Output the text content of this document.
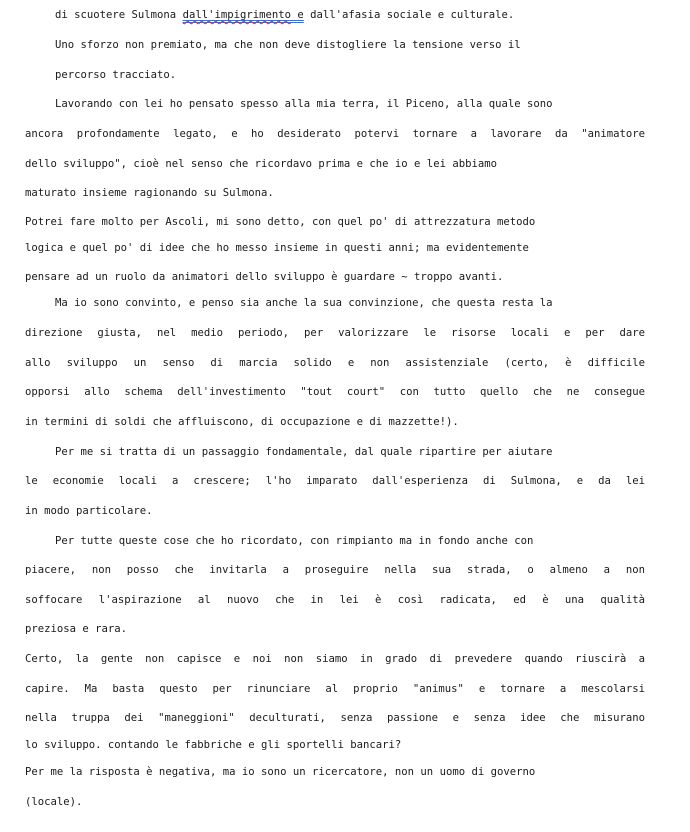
di scuotere Sulmona dall'impigrimento e dall'afasia sociale e culturale.
Uno sforzo non premiato, ma che non deve distogliere la tensione verso il
percorso tracciato.
Lavorando con lei ho pensato spesso alla mia terra, il Piceno, alla quale sono
ancora profondamente legato, e ho desiderato potervi tornare a lavorare da "animatore
dello sviluppo", cioè nel senso che ricordavo prima e che io e lei abbiamo
maturato insieme ragionando su Sulmona.
Potrei fare molto per Ascoli, mi sono detto, con quel po' di attrezzatura metodo
logica e quel po' di idee che ho messo insieme in questi anni; ma evidentemente
pensare ad un ruolo da animatori dello sviluppo è guardare ~ troppo avanti.
Ma io sono convinto, e penso sia anche la sua convinzione, che questa resta la
direzione giusta, nel medio periodo, per valorizzare le risorse locali e per dare
allo sviluppo un senso di marcia solido e non assistenziale (certo, è difficile
opporsi allo schema dell'investimento "tout court" con tutto quello che ne consegue
in termini di soldi che affluiscono, di occupazione e di mazzette!).
Per me si tratta di un passaggio fondamentale, dal quale ripartire per aiutare
le economie locali a crescere; l'ho imparato dall'esperienza di Sulmona, e da lei
in modo particolare.
Per tutte queste cose che ho ricordato, con rimpianto ma in fondo anche con
piacere, non posso che invitarla a proseguire nella sua strada, o almeno a non
soffocare l'aspirazione al nuovo che in lei è così radicata, ed è una qualità
preziosa e rara.
Certo, la gente non capisce e noi non siamo in grado di prevedere quando riuscirà a
capire. Ma basta questo per rinunciare al proprio "animus" e tornare a mescolarsi
nella truppa dei "maneggioni" deculturati, senza passione e senza idee che misurano
lo sviluppo. contando le fabbriche e gli sportelli bancari?
Per me la risposta è negativa, ma io sono un ricercatore, non un uomo di governo
(locale).
